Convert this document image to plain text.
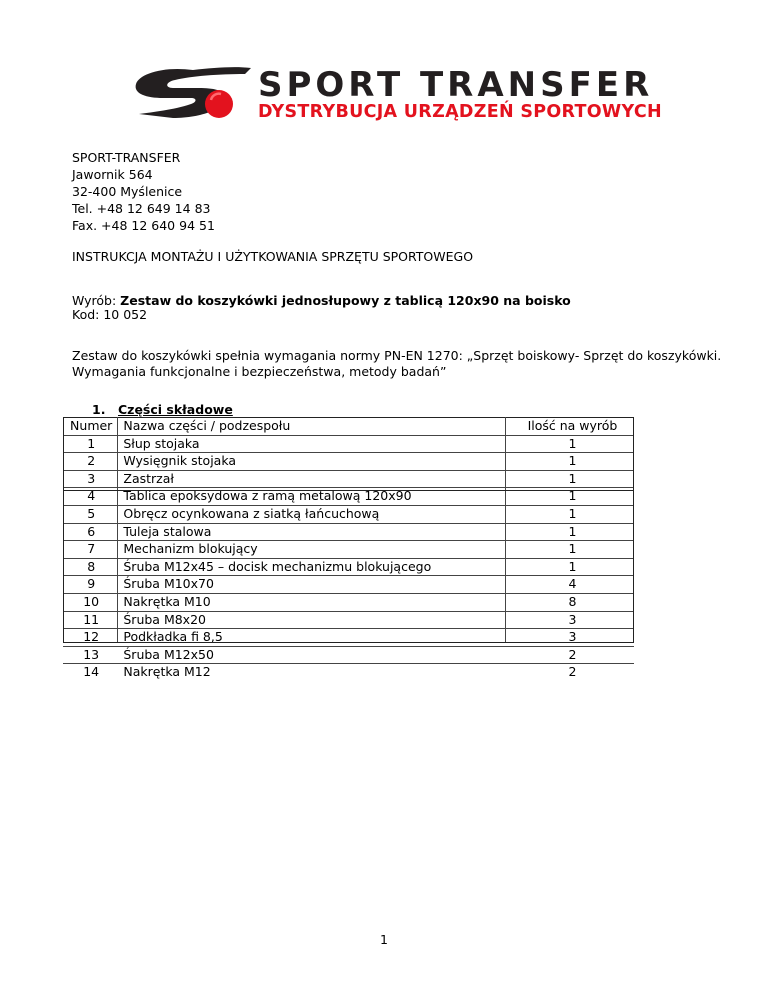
SPORT TRANSFER
DYSTRYBUCJA URZĄDZEŃ SPORTOWYCH
SPORT-TRANSFER
Jawornik 564
32-400 Myślenice
Tel. +48 12 649 14 83
Fax. +48 12 640 94 51
INSTRUKCJA MONTAŻU I UŻYTKOWANIA SPRZĘTU SPORTOWEGO
Wyrób: Zestaw do koszykówki jednosłupowy z tablicą 120x90 na boisko
Kod: 10 052
Zestaw do koszykówki spełnia wymagania normy PN-EN 1270: „Sprzęt boiskowy- Sprzęt do koszykówki.
Wymagania funkcjonalne i bezpieczeństwa, metody badań”
1. Części składowe
Numer	Nazwa części / podzespołu	Ilość na wyrób
1	Słup stojaka	1
2	Wysięgnik stojaka	1
3	Zastrzał	1
4	Tablica epoksydowa z ramą metalową 120x90	1
5	Obręcz ocynkowana z siatką łańcuchową	1
6	Tuleja stalowa	1
7	Mechanizm blokujący	1
8	Śruba M12x45 – docisk mechanizmu blokującego	1
9	Śruba M10x70	4
10	Nakrętka M10	8
11	Śruba M8x20	3
12	Podkładka fi 8,5	3
13	Śruba M12x50	2
14	Nakrętka M12	2
1
